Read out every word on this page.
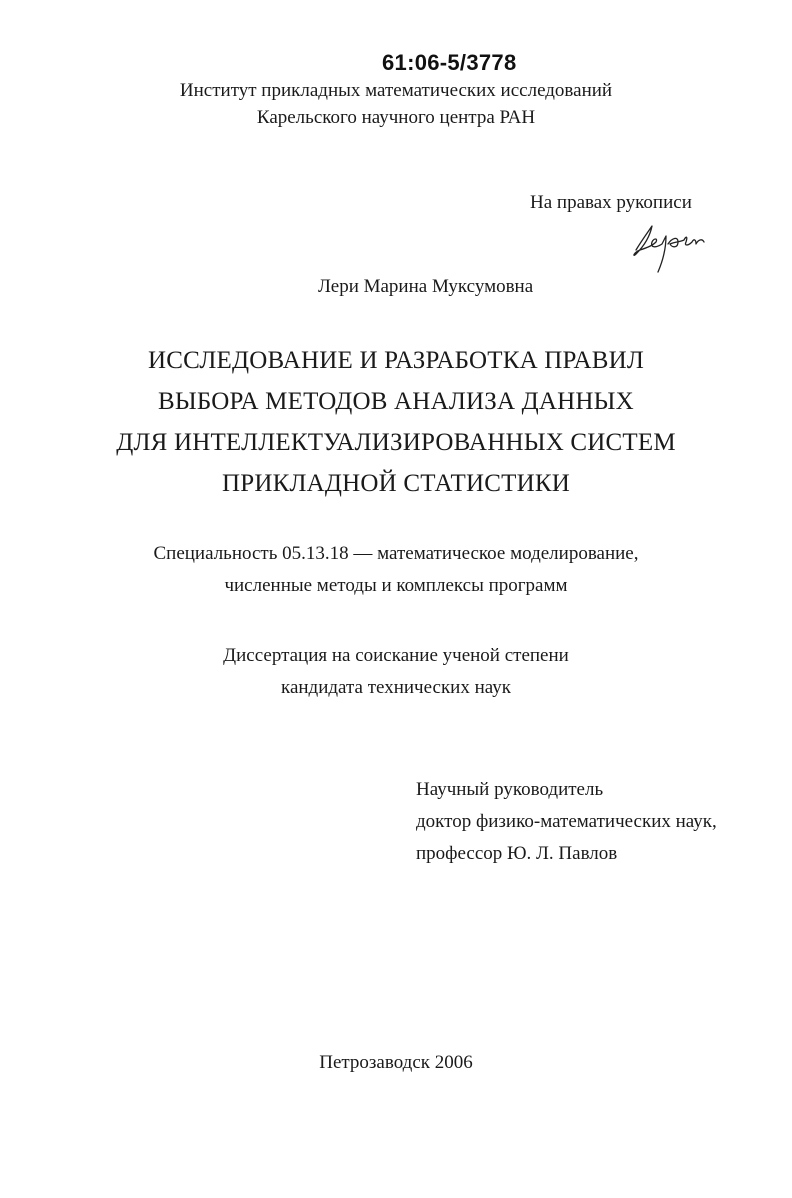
61:06-5/3778
Институт прикладных математических исследований
Карельского научного центра РАН
На правах рукописи
Лери Марина Муксумовна
ИССЛЕДОВАНИЕ И РАЗРАБОТКА ПРАВИЛ
ВЫБОРА МЕТОДОВ АНАЛИЗА ДАННЫХ
ДЛЯ ИНТЕЛЛЕКТУАЛИЗИРОВАННЫХ СИСТЕМ
ПРИКЛАДНОЙ СТАТИСТИКИ
Специальность 05.13.18 — математическое моделирование,
численные методы и комплексы программ
Диссертация на соискание ученой степени
кандидата технических наук
Научный руководитель
доктор физико-математических наук,
профессор Ю. Л. Павлов
Петрозаводск 2006
